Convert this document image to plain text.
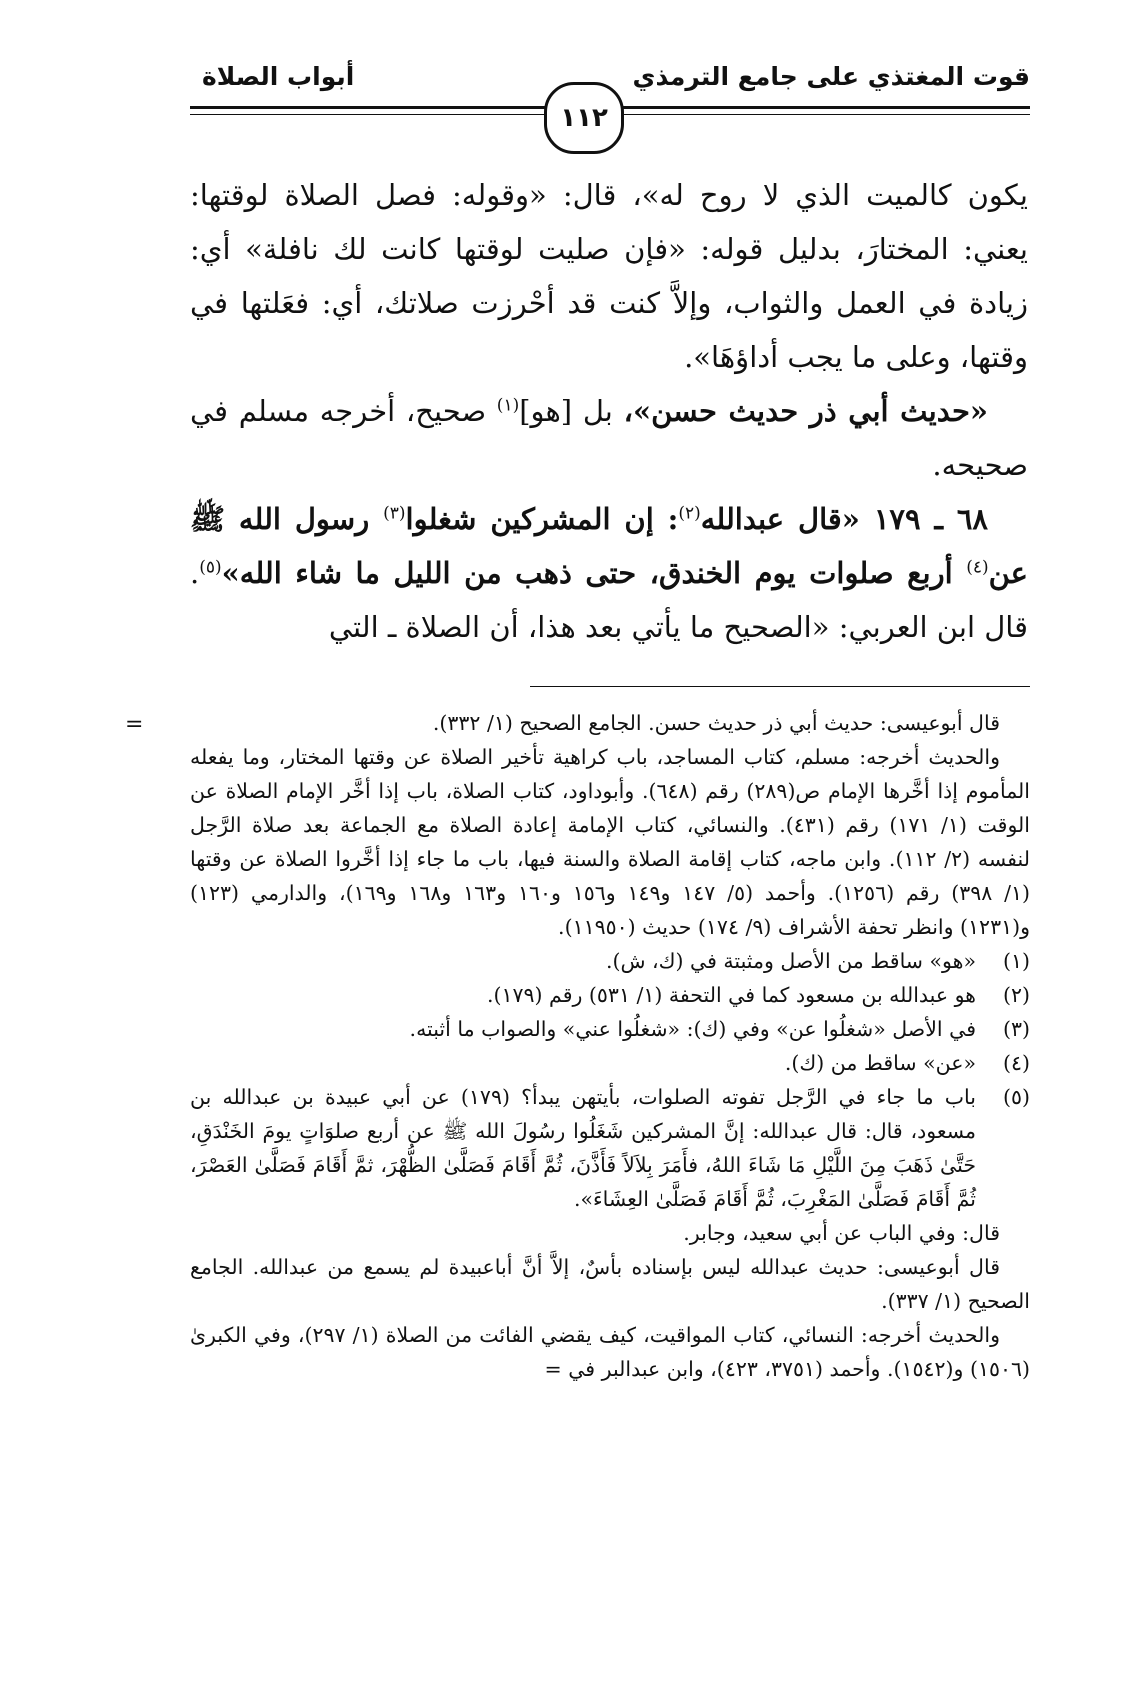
قوت المغتذي على جامع الترمذي
أبواب الصلاة
١١٢

يكون كالميت الذي لا روح له»، قال: «وقوله: فصل الصلاة لوقتها: يعني: المختارَ، بدليل قوله: «فإن صليت لوقتها كانت لك نافلة» أي: زيادة في العمل والثواب، وإلاَّ كنت قد أحْرزت صلاتك، أي: فعَلتها في وقتها، وعلى ما يجب أداؤهَا».

«حديث أبي ذر حديث حسن»، بل [هو]$^{(١)}$ صحيح، أخرجه مسلم في صحيحه.

٦٨ ـ ١٧٩ «قال عبدالله$^{(٢)}$: إن المشركين شغلوا$^{(٣)}$ رسول الله ﷺ عن$^{(٤)}$ أربع صلوات يوم الخندق، حتى ذهب من الليل ما شاء الله»$^{(٥)}$. قال ابن العربي: «الصحيح ما يأتي بعد هذا، أن الصلاة ـ التي

=	قال أبوعيسى: حديث أبي ذر حديث حسن. الجامع الصحيح (١/ ٣٣٢).

والحديث أخرجه: مسلم، كتاب المساجد، باب كراهية تأخير الصلاة عن وقتها المختار، وما يفعله المأموم إذا أخَّرها الإمام ص(٢٨٩) رقم (٦٤٨). وأبوداود، كتاب الصلاة، باب إذا أخَّر الإمام الصلاة عن الوقت (١/ ١٧١) رقم (٤٣١). والنسائي، كتاب الإمامة إعادة الصلاة مع الجماعة بعد صلاة الرَّجل لنفسه (٢/ ١١٢). وابن ماجه، كتاب إقامة الصلاة والسنة فيها، باب ما جاء إذا أخَّروا الصلاة عن وقتها (١/ ٣٩٨) رقم (١٢٥٦). وأحمد (٥/ ١٤٧ و١٤٩ و١٥٦ و١٦٠ و١٦٣ و١٦٨ و١٦٩)، والدارمي (١٢٣) و(١٢٣١) وانظر تحفة الأشراف (٩/ ١٧٤) حديث (١١٩٥٠).

(١)
«هو» ساقط من الأصل ومثبتة في (ك، ش).
(٢)
هو عبدالله بن مسعود كما في التحفة (١/ ٥٣١) رقم (١٧٩).
(٣)
في الأصل «شغلُوا عن» وفي (ك): «شغلُوا عني» والصواب ما أثبته.
(٤)
«عن» ساقط من (ك).
(٥)
باب ما جاء في الرَّجل تفوته الصلوات، بأيتهن يبدأ؟ (١٧٩) عن أبي عبيدة بن عبدالله بن مسعود، قال: قال عبدالله: إنَّ المشركين شَغَلُوا رسُولَ الله ﷺ عن أربع صلوَاتٍ يومَ الخَنْدَقِ، حَتَّىٰ ذَهَبَ مِنَ اللَّيْلِ مَا شَاءَ اللهُ، فأَمَرَ بِلاَلاً فَأَذَّنَ، ثُمَّ أَقَامَ فَصَلَّىٰ الظُّهْرَ، ثمَّ أَقَامَ فَصَلَّىٰ العَصْرَ، ثُمَّ أَقَامَ فَصَلَّىٰ المَغْرِبَ، ثُمَّ أَقَامَ فَصَلَّىٰ العِشَاءَ».

قال: وفي الباب عن أبي سعيد، وجابر.

قال أبوعيسى: حديث عبدالله ليس بإسناده بأسٌ، إلاَّ أنَّ أباعبيدة لم يسمع من عبدالله. الجامع الصحيح (١/ ٣٣٧).

والحديث أخرجه: النسائي، كتاب المواقيت، كيف يقضي الفائت من الصلاة (١/ ٢٩٧)، وفي الكبرىٰ (١٥٠٦) و(١٥٤٢). وأحمد (٣٧٥١، ٤٢٣)، وابن عبدالبر في =
